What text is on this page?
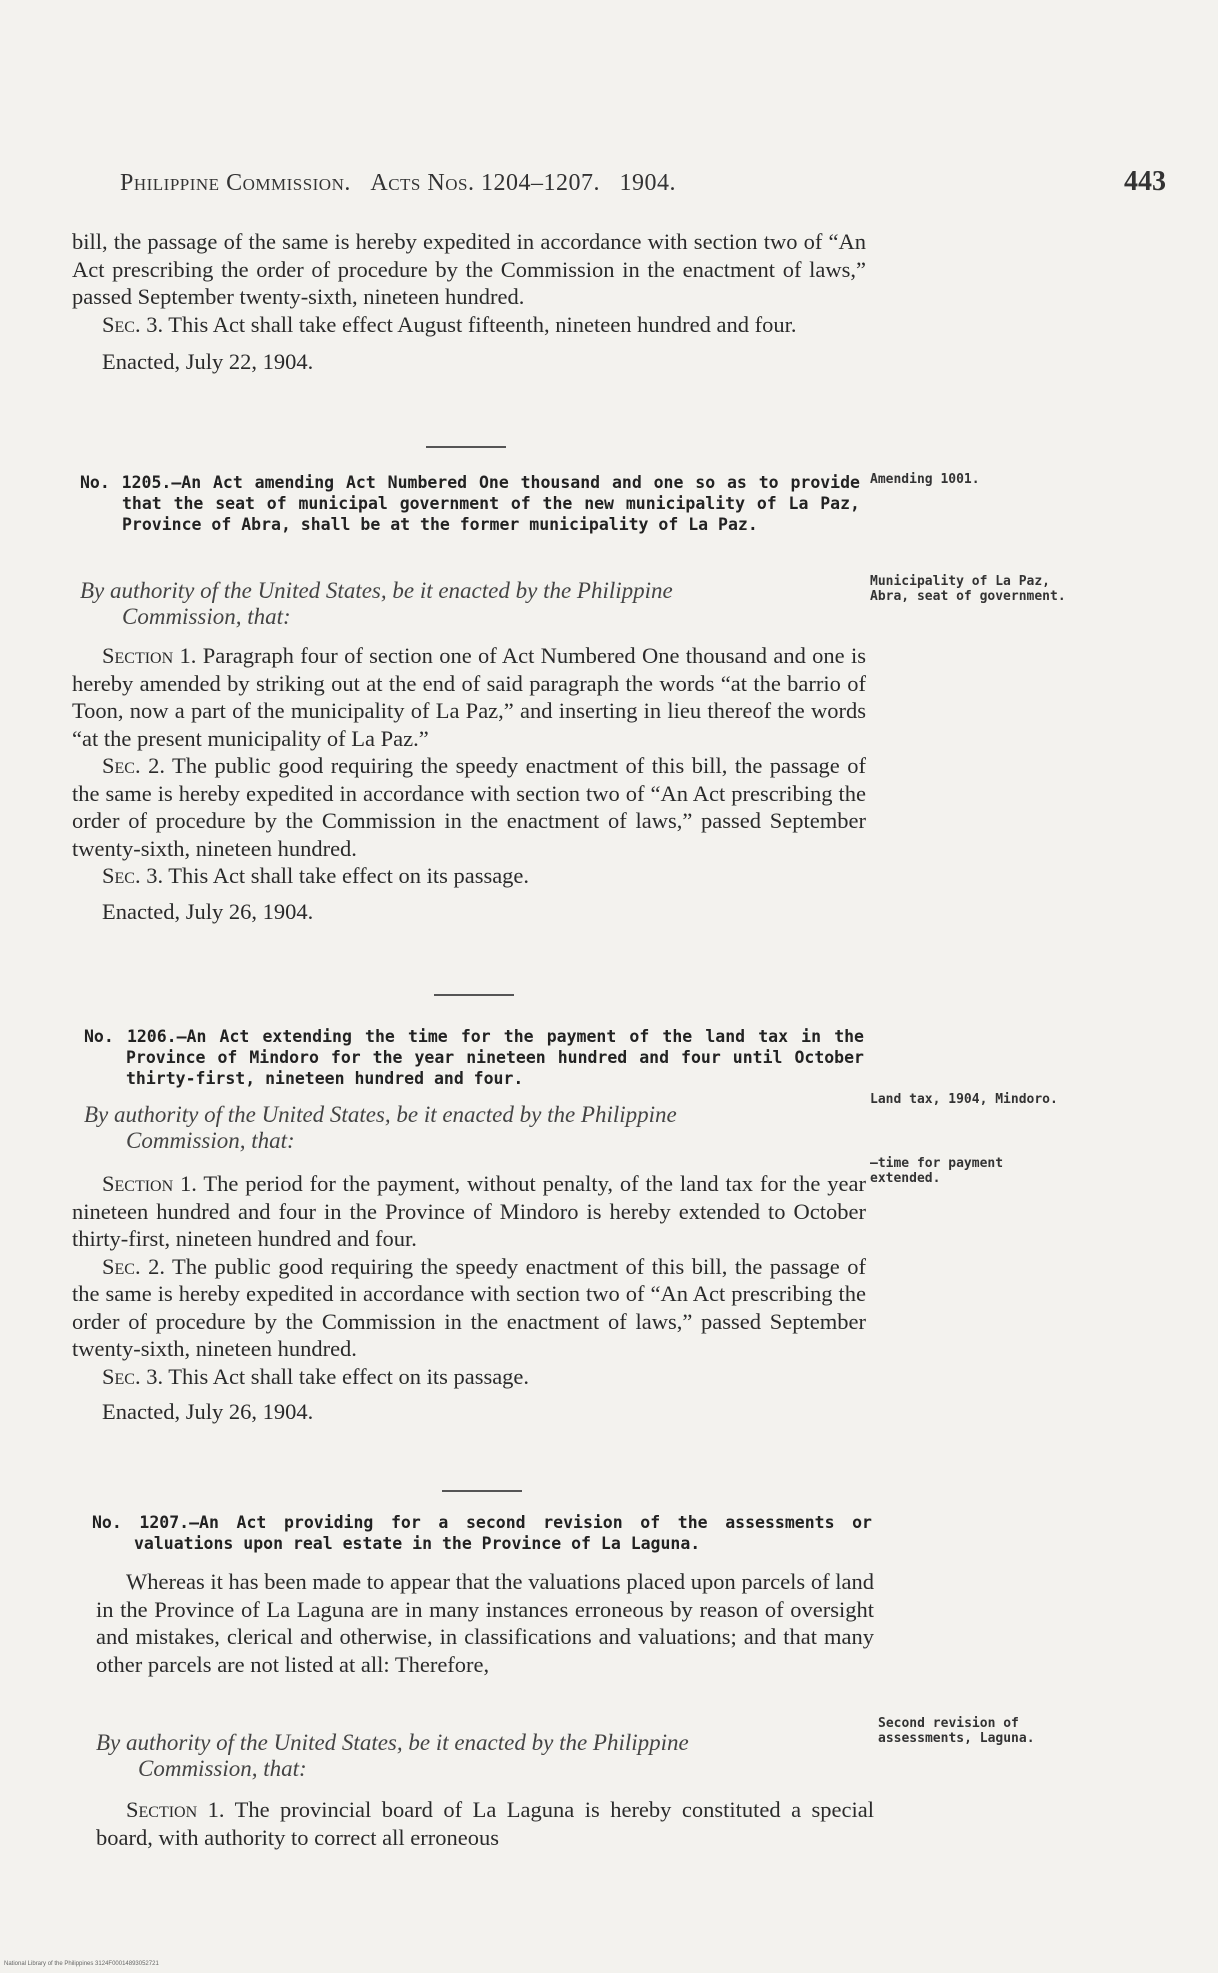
Philippine Commission. Acts Nos. 1204–1207. 1904.	443

bill, the passage of the same is hereby expedited in accordance with section two of “An Act prescribing the order of procedure by the Commission in the enactment of laws,” passed September twenty-sixth, nineteen hundred.

Sec. 3. This Act shall take effect August fifteenth, nineteen hundred and four.

Enacted, July 22, 1904.

No. 1205.—An Act amending Act Numbered One thousand and one so as to provide that the seat of municipal government of the new municipality of La Paz, Province of Abra, shall be at the former municipality of La Paz.
Amending 1001.
By authority of the United States, be it enacted by the Philippine
Commission, that:
Municipality of La Paz, Abra, seat of government.

Section 1. Paragraph four of section one of Act Numbered One thousand and one is hereby amended by striking out at the end of said paragraph the words “at the barrio of Toon, now a part of the municipality of La Paz,” and inserting in lieu thereof the words “at the present municipality of La Paz.”

Sec. 2. The public good requiring the speedy enactment of this bill, the passage of the same is hereby expedited in accordance with section two of “An Act prescribing the order of procedure by the Commission in the enactment of laws,” passed September twenty-sixth, nineteen hundred.

Sec. 3. This Act shall take effect on its passage.

Enacted, July 26, 1904.

No. 1206.—An Act extending the time for the payment of the land tax in the Province of Mindoro for the year nineteen hundred and four until October thirty-first, nineteen hundred and four.
By authority of the United States, be it enacted by the Philippine
Commission, that:
Land tax, 1904, Mindoro.
—time for payment extended.

Section 1. The period for the payment, without penalty, of the land tax for the year nineteen hundred and four in the Province of Mindoro is hereby extended to October thirty-first, nineteen hundred and four.

Sec. 2. The public good requiring the speedy enactment of this bill, the passage of the same is hereby expedited in accordance with section two of “An Act prescribing the order of procedure by the Commission in the enactment of laws,” passed September twenty-sixth, nineteen hundred.

Sec. 3. This Act shall take effect on its passage.

Enacted, July 26, 1904.

No. 1207.—An Act providing for a second revision of the assessments or valuations upon real estate in the Province of La Laguna.

Whereas it has been made to appear that the valuations placed upon parcels of land in the Province of La Laguna are in many instances erroneous by reason of oversight and mistakes, clerical and otherwise, in classifications and valuations; and that many other parcels are not listed at all: Therefore,

By authority of the United States, be it enacted by the Philippine
Commission, that:
Second revision of assessments, Laguna.

Section 1. The provincial board of La Laguna is hereby constituted a special board, with authority to correct all erroneous

National Library of the Philippines 3124F00014893052721
